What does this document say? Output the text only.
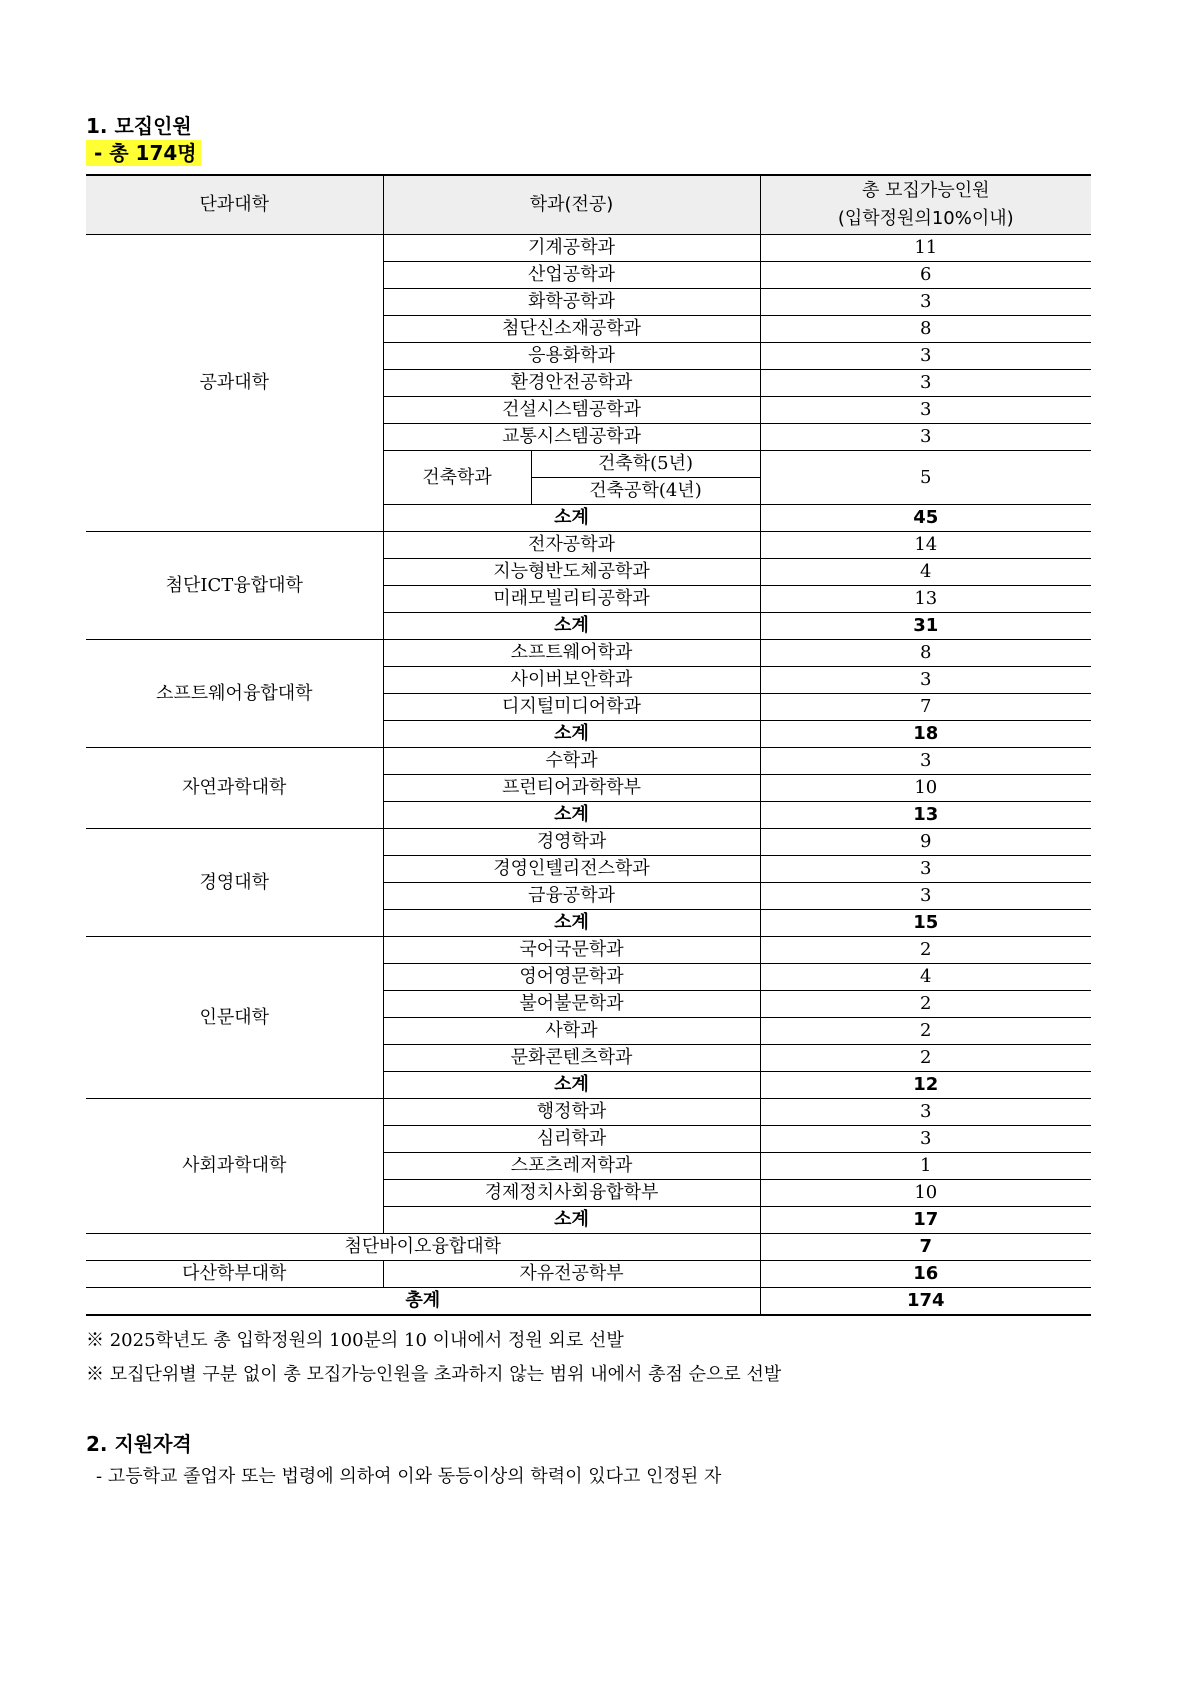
1. 모집인원

- 총 174명
단과대학	학과(전공)		총 모집가능인원
(입학정원의10%이내)

공과대학	기계공학과		11
	산업공학과		6
	화학공학과		3
	첨단신소재공학과		8
	응용화학과		3
	환경안전공학과		3
	건설시스템공학과		3
	교통시스템공학과		3
	건축학과	건축학(5년)	5
		건축공학(4년)	
	소계		45
첨단ICT융합대학	전자공학과		14
	지능형반도체공학과		4
	미래모빌리티공학과		13
	소계		31
소프트웨어융합대학	소프트웨어학과		8
	사이버보안학과		3
	디지털미디어학과		7
	소계		18
자연과학대학	수학과		3
	프런티어과학학부		10
	소계		13
경영대학	경영학과		9
	경영인텔리전스학과		3
	금융공학과		3
	소계		15
인문대학	국어국문학과		2
	영어영문학과		4
	불어불문학과		2
	사학과		2
	문화콘텐츠학과		2
	소계		12
사회과학대학	행정학과		3
	심리학과		3
	스포츠레저학과		1
	경제정치사회융합학부		10
	소계		17
첨단바이오융합대학			7
다산학부대학	자유전공학부		16
총계			174

※ 2025학년도 총 입학정원의 100분의 10 이내에서 정원 외로 선발

※ 모집단위별 구분 없이 총 모집가능인원을 초과하지 않는 범위 내에서 총점 순으로 선발

2. 지원자격

- 고등학교 졸업자 또는 법령에 의하여 이와 동등이상의 학력이 있다고 인정된 자
